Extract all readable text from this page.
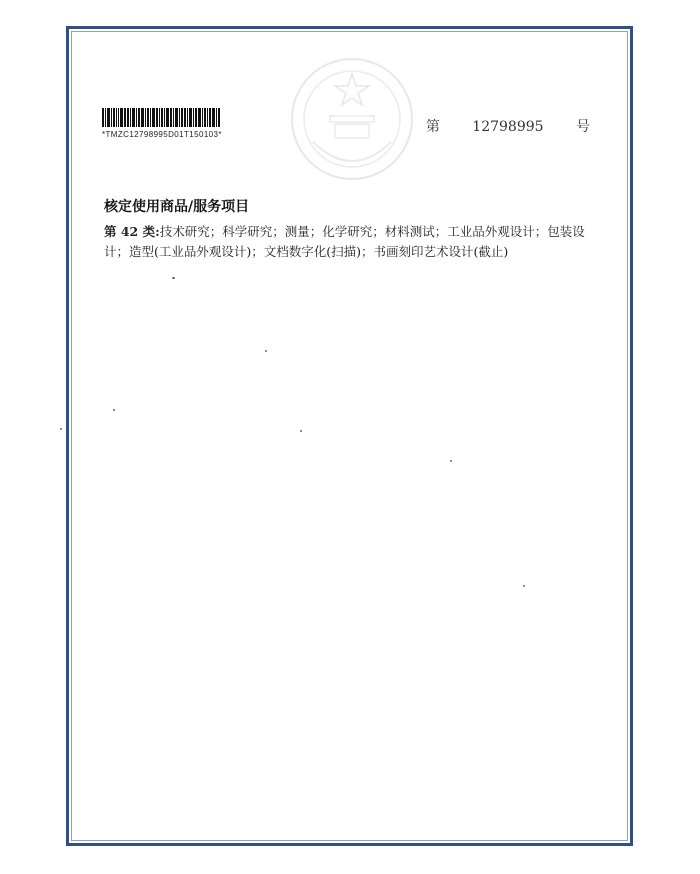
*TMZC12798995D01T150103*	第 12798995 号
核定使用商品/服务项目
第 42 类:技术研究；科学研究；测量；化学研究；材料测试；工业品外观设计；包装设计；造型(工业品外观设计)；文档数字化(扫描)；书画刻印艺术设计(截止)
